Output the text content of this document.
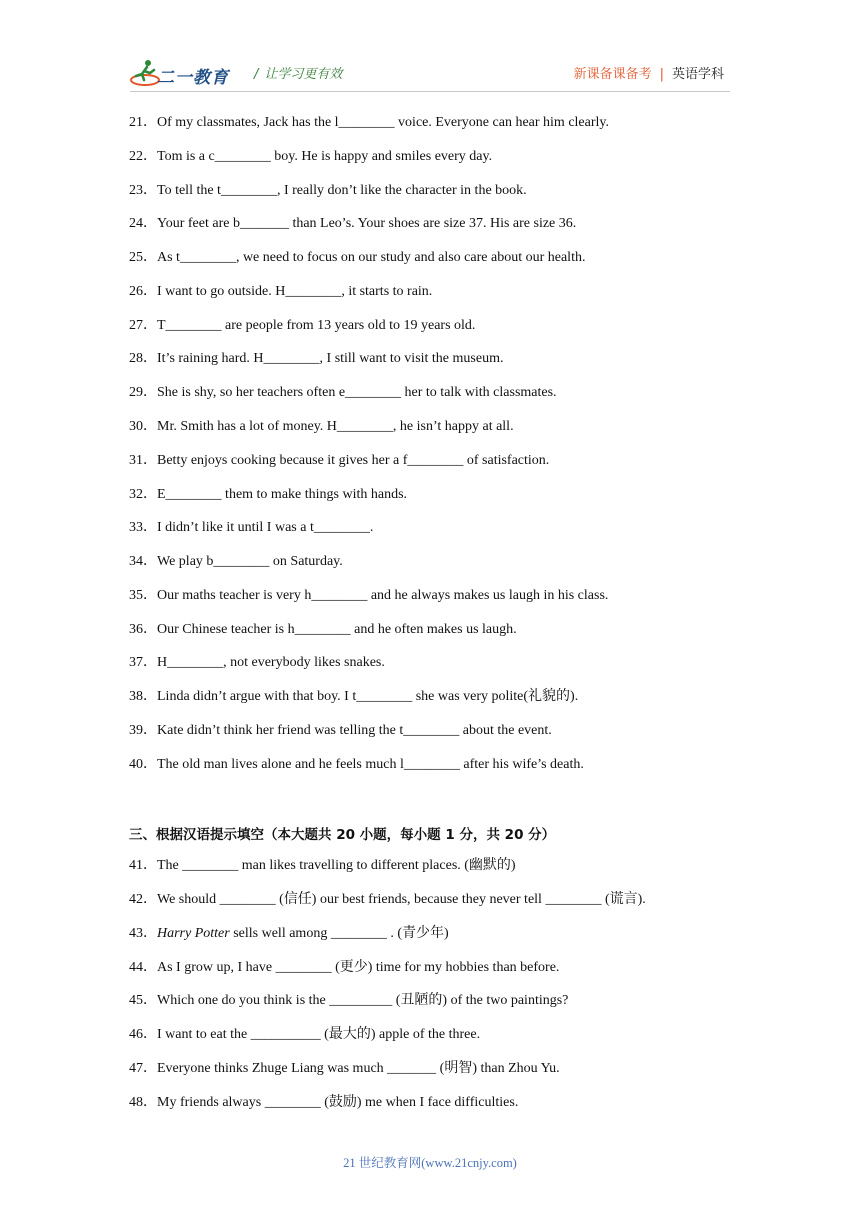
二一教育 / 让学习更有效	新课备课备考 | 英语学科
21．Of my classmates, Jack has the l________ voice. Everyone can hear him clearly.
22．Tom is a c________ boy. He is happy and smiles every day.
23．To tell the t________, I really don’t like the character in the book.
24．Your feet are b_______ than Leo’s. Your shoes are size 37. His are size 36.
25．As t________, we need to focus on our study and also care about our health.
26．I want to go outside. H________, it starts to rain.
27．T________ are people from 13 years old to 19 years old.
28．It’s raining hard. H________, I still want to visit the museum.
29．She is shy, so her teachers often e________ her to talk with classmates.
30．Mr. Smith has a lot of money. H________, he isn’t happy at all.
31．Betty enjoys cooking because it gives her a f________ of satisfaction.
32．E________ them to make things with hands.
33．I didn’t like it until I was a t________.
34．We play b________ on Saturday.
35．Our maths teacher is very h________ and he always makes us laugh in his class.
36．Our Chinese teacher is h________ and he often makes us laugh.
37．H________, not everybody likes snakes.
38．Linda didn’t argue with that boy. I t________ she was very polite(礼貌的).
39．Kate didn’t think her friend was telling the t________ about the event.
40．The old man lives alone and he feels much l________ after his wife’s death.
三、根据汉语提示填空（本大题共 20 小题，每小题 1 分，共 20 分）
41．The ________ man likes travelling to different places. (幽默的)
42．We should ________ (信任) our best friends, because they never tell ________ (谎言).
43．Harry Potter sells well among ________ . (青少年)
44．As I grow up, I have ________ (更少) time for my hobbies than before.
45．Which one do you think is the _________ (丑陋的) of the two paintings?
46．I want to eat the __________ (最大的) apple of the three.
47．Everyone thinks Zhuge Liang was much _______ (明智) than Zhou Yu.
48．My friends always ________ (鼓励) me when I face difficulties.
21 世纪教育网(www.21cnjy.com)
